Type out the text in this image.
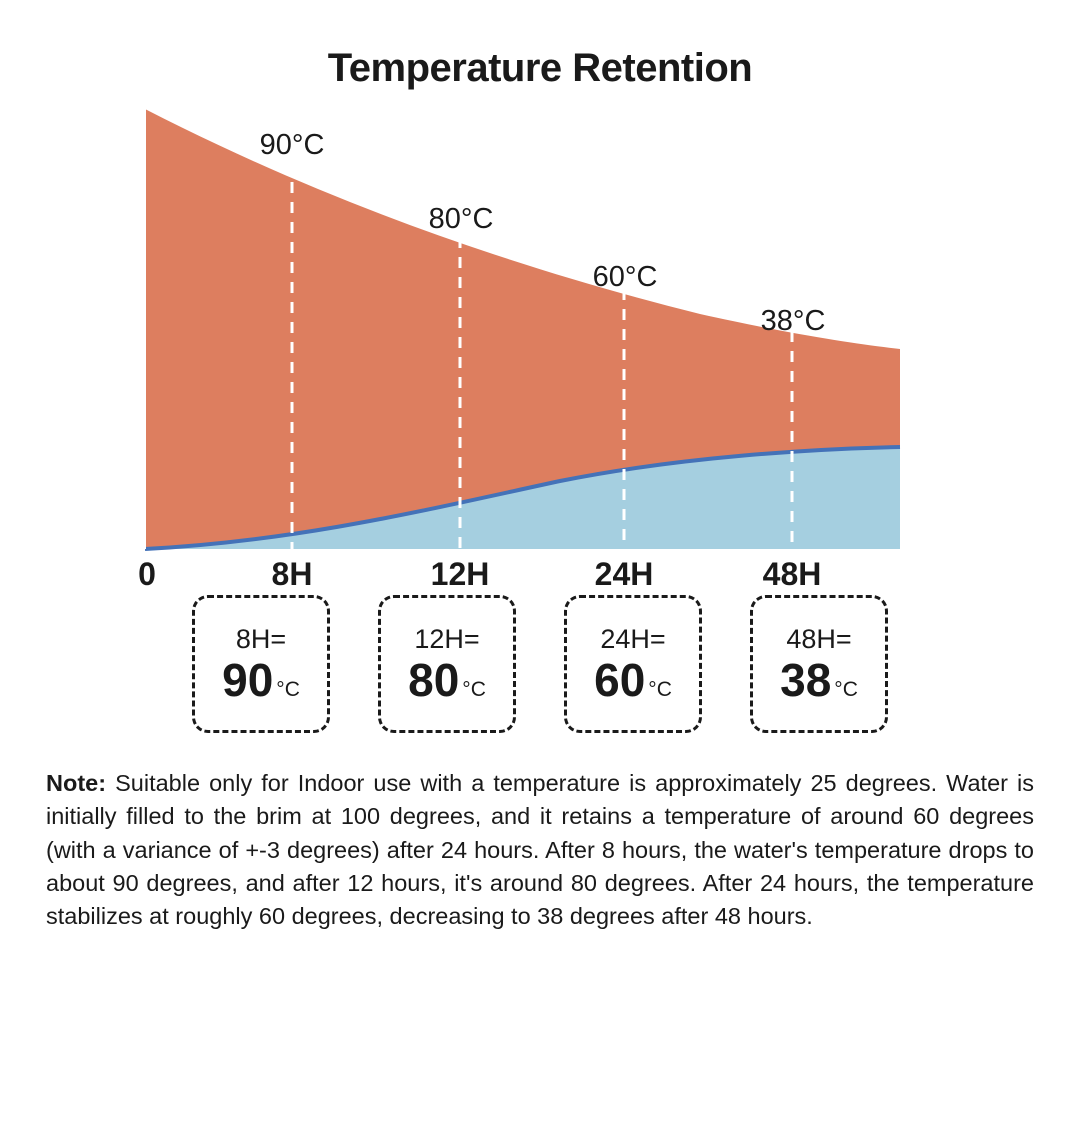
Temperature Retention
90°C
80°C
60°C
38°C
0	8H	12H	24H	48H
8H=
90 °C
12H=
80 °C
24H=
60 °C
48H=
38 °C
Note: Suitable only for Indoor use with a temperature is approximately 25 degrees. Water is initially filled to the brim at 100 degrees, and it retains a temperature of around 60 degrees (with a variance of +-3 degrees) after 24 hours. After 8 hours, the water's temperature drops to about 90 degrees, and after 12 hours, it's around 80 degrees. After 24 hours, the temperature stabilizes at roughly 60 degrees, decreasing to 38 degrees after 48 hours.
